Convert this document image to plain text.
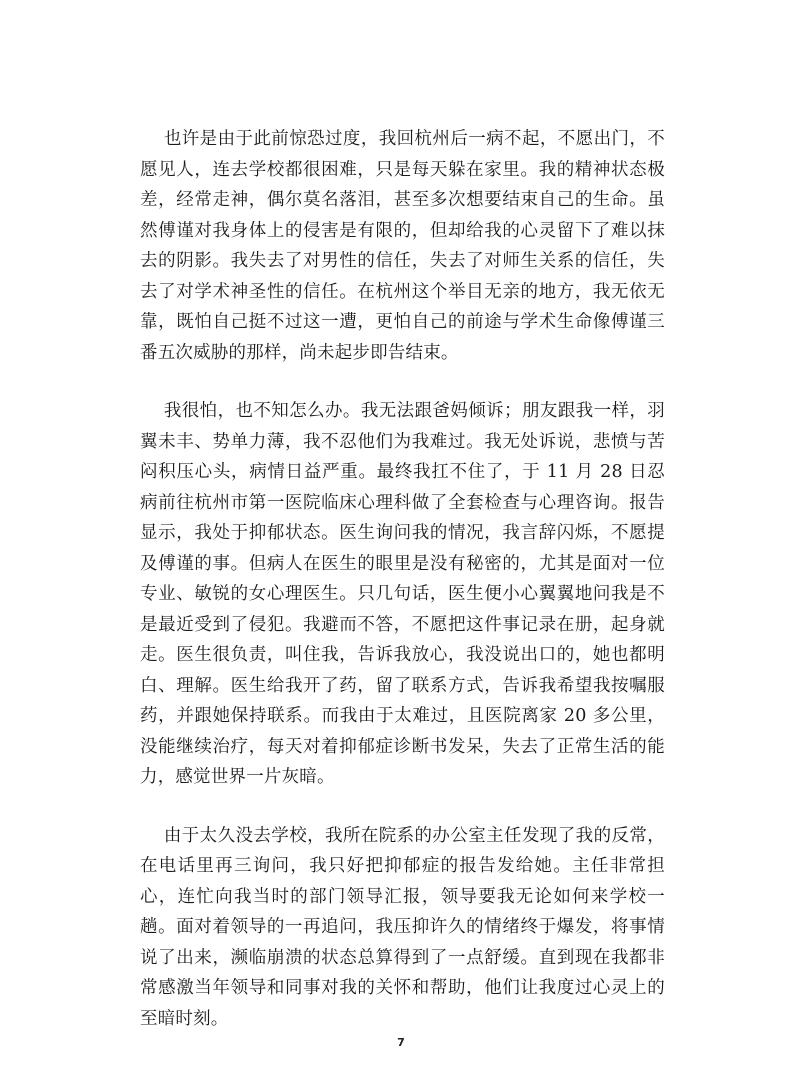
也许是由于此前惊恐过度，我回杭州后一病不起，不愿出门，不愿见人，连去学校都很困难，只是每天躲在家里。我的精神状态极差，经常走神，偶尔莫名落泪，甚至多次想要结束自己的生命。虽然傅谨对我身体上的侵害是有限的，但却给我的心灵留下了难以抹去的阴影。我失去了对男性的信任，失去了对师生关系的信任，失去了对学术神圣性的信任。在杭州这个举目无亲的地方，我无依无靠，既怕自己挺不过这一遭，更怕自己的前途与学术生命像傅谨三番五次威胁的那样，尚未起步即告结束。

我很怕，也不知怎么办。我无法跟爸妈倾诉；朋友跟我一样，羽翼未丰、势单力薄，我不忍他们为我难过。我无处诉说，悲愤与苦闷积压心头，病情日益严重。最终我扛不住了，于 11 月 28 日忍病前往杭州市第一医院临床心理科做了全套检查与心理咨询。报告显示，我处于抑郁状态。医生询问我的情况，我言辞闪烁，不愿提及傅谨的事。但病人在医生的眼里是没有秘密的，尤其是面对一位专业、敏锐的女心理医生。只几句话，医生便小心翼翼地问我是不是最近受到了侵犯。我避而不答，不愿把这件事记录在册，起身就走。医生很负责，叫住我，告诉我放心，我没说出口的，她也都明白、理解。医生给我开了药，留了联系方式，告诉我希望我按嘱服药，并跟她保持联系。而我由于太难过，且医院离家 20 多公里，没能继续治疗，每天对着抑郁症诊断书发呆，失去了正常生活的能力，感觉世界一片灰暗。

由于太久没去学校，我所在院系的办公室主任发现了我的反常，在电话里再三询问，我只好把抑郁症的报告发给她。主任非常担心，连忙向我当时的部门领导汇报，领导要我无论如何来学校一趟。面对着领导的一再追问，我压抑许久的情绪终于爆发，将事情说了出来，濒临崩溃的状态总算得到了一点舒缓。直到现在我都非常感激当年领导和同事对我的关怀和帮助，他们让我度过心灵上的至暗时刻。

7
